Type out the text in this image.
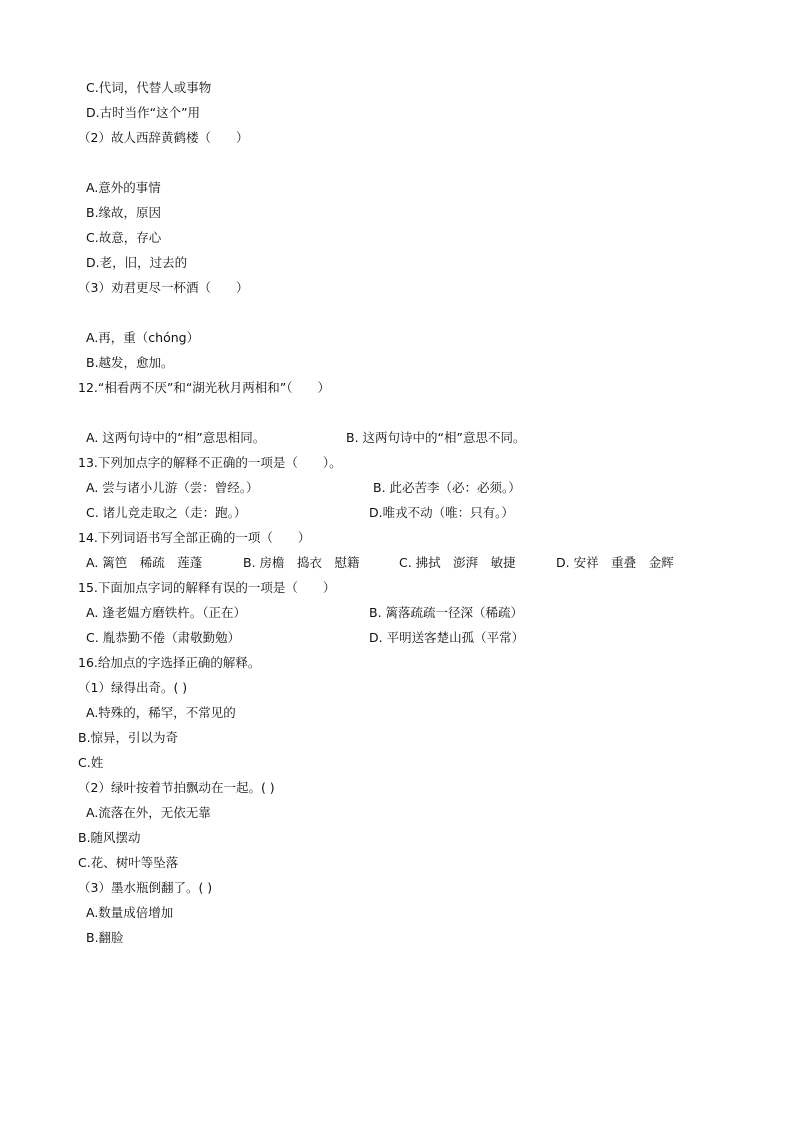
C.代词，代替人或事物
D.古时当作“这个”用
（2）故人西辞黄鹤楼（　　）
A.意外的事情
B.缘故，原因
C.故意，存心
D.老，旧，过去的
（3）劝君更尽一杯酒（　　）
A.再，重（chóng）
B.越发，愈加。
12.“相看两不厌”和“湖光秋月两相和”（　　）
A. 这两句诗中的“相”意思相同。	B. 这两句诗中的“相”意思不同。
13.下列加点字的解释不正确的一项是（　　）。
A. 尝与诸小儿游（尝：曾经。）	B. 此必苦李（必：必须。）
C. 诸儿竞走取之（走：跑。）	D.唯戎不动（唯：只有。）
14.下列词语书写全部正确的一项（　　）
A. 篱笆　稀疏　莲蓬	B. 房檐　捣衣　慰籍	C. 拂拭　澎湃　敏捷	D. 安祥　重叠　金辉
15.下面加点字词的解释有误的一项是（　　）
A. 逢老媪方磨铁杵。（正在）	B. 篱落疏疏一径深（稀疏）
C. 胤恭勤不倦（肃敬勤勉）	D. 平明送客楚山孤（平常）
16.给加点的字选择正确的解释。
（1）绿得出奇。( )
A.特殊的，稀罕，不常见的
B.惊异，引以为奇
C.姓
（2）绿叶按着节拍飘动在一起。( )
A.流落在外，无依无靠
B.随风摆动
C.花、树叶等坠落
（3）墨水瓶倒翻了。( )
A.数量成倍增加
B.翻脸
